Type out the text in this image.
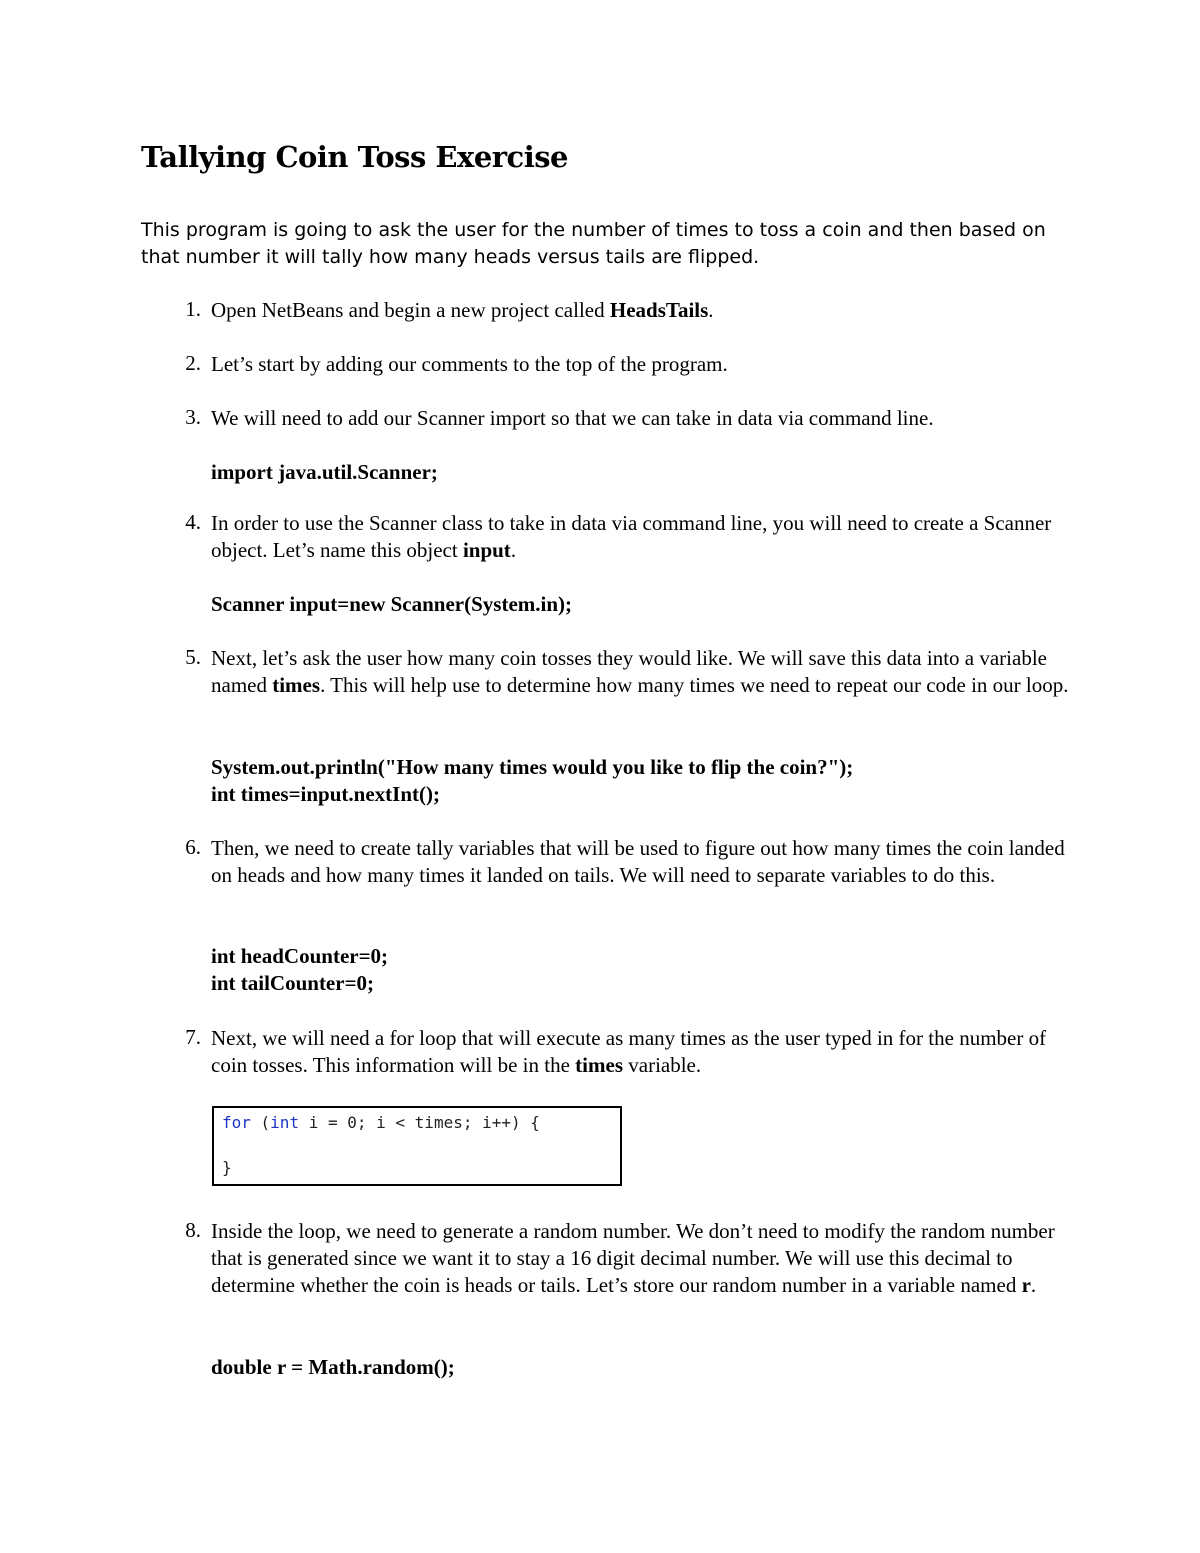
Tallying Coin Toss Exercise

This program is going to ask the user for the number of times to toss a coin and then based on that number it will tally how many heads versus tails are flipped.

1. Open NetBeans and begin a new project called HeadsTails.
2. Let’s start by adding our comments to the top of the program.
3. We will need to add our Scanner import so that we can take in data via command line.

import java.util.Scanner;

4. In order to use the Scanner class to take in data via command line, you will need to create a Scanner object. Let’s name this object input.

Scanner input=new Scanner(System.in);

5. Next, let’s ask the user how many coin tosses they would like. We will save this data into a variable named times. This will help use to determine how many times we need to repeat our code in our loop.

System.out.println("How many times would you like to flip the coin?");

int times=input.nextInt();

6. Then, we need to create tally variables that will be used to figure out how many times the coin landed on heads and how many times it landed on tails. We will need to separate variables to do this.

int headCounter=0;

int tailCounter=0;

7. Next, we will need a for loop that will execute as many times as the user typed in for the number of coin tosses. This information will be in the times variable.
for (int i = 0; i < times; i++) {
}
8. Inside the loop, we need to generate a random number. We don’t need to modify the random number that is generated since we want it to stay a 16 digit decimal number. We will use this decimal to determine whether the coin is heads or tails. Let’s store our random number in a variable named r.

double r = Math.random();
